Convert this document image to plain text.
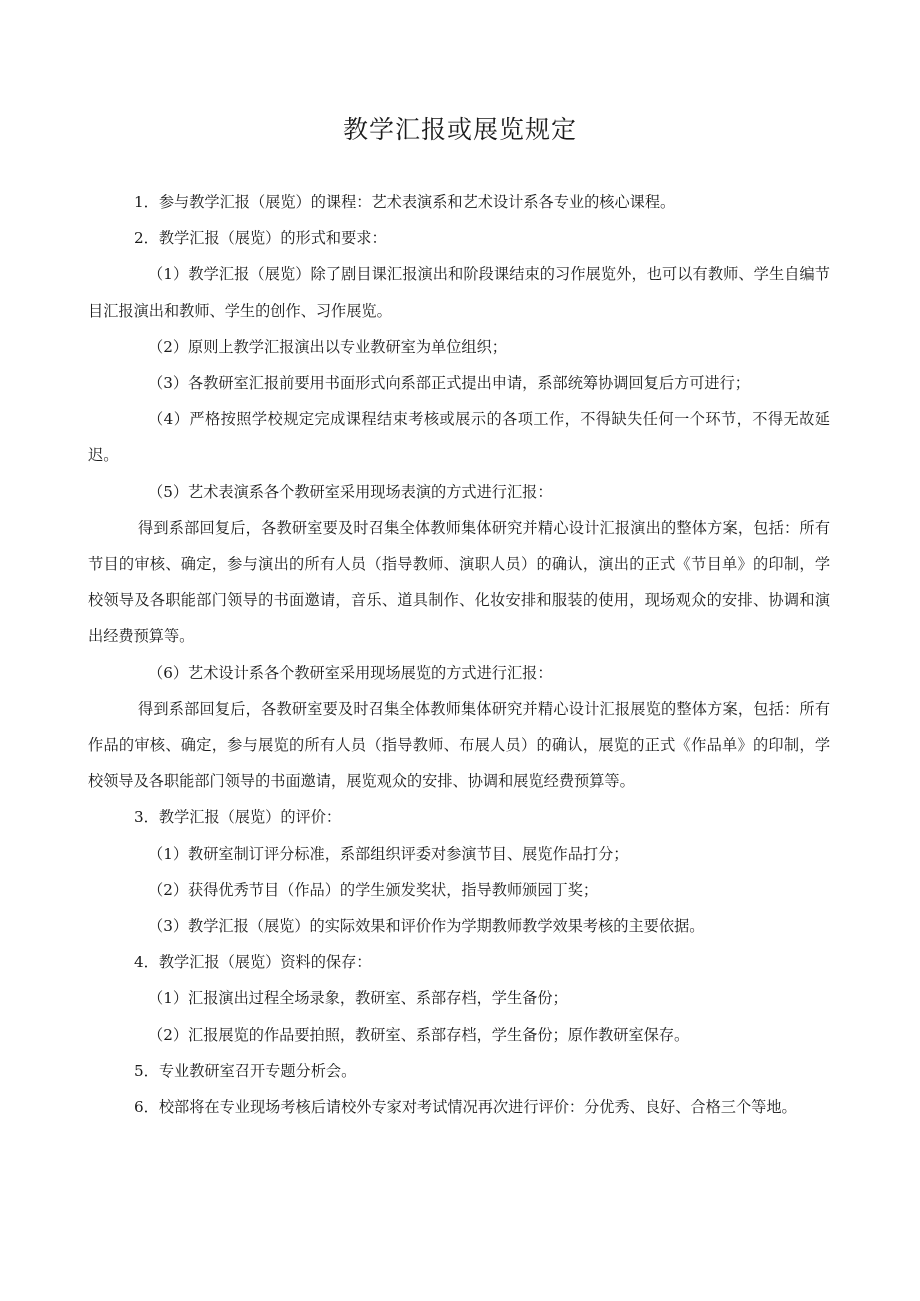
教学汇报或展览规定

1．参与教学汇报（展览）的课程：艺术表演系和艺术设计系各专业的核心课程。

2．教学汇报（展览）的形式和要求：

（1）教学汇报（展览）除了剧目课汇报演出和阶段课结束的习作展览外，也可以有教师、学生自编节目汇报演出和教师、学生的创作、习作展览。

（2）原则上教学汇报演出以专业教研室为单位组织；

（3）各教研室汇报前要用书面形式向系部正式提出申请，系部统筹协调回复后方可进行；

（4）严格按照学校规定完成课程结束考核或展示的各项工作，不得缺失任何一个环节，不得无故延迟。

（5）艺术表演系各个教研室采用现场表演的方式进行汇报：

得到系部回复后，各教研室要及时召集全体教师集体研究并精心设计汇报演出的整体方案，包括：所有节目的审核、确定，参与演出的所有人员（指导教师、演职人员）的确认，演出的正式《节目单》的印制，学校领导及各职能部门领导的书面邀请，音乐、道具制作、化妆安排和服装的使用，现场观众的安排、协调和演出经费预算等。

（6）艺术设计系各个教研室采用现场展览的方式进行汇报：

得到系部回复后，各教研室要及时召集全体教师集体研究并精心设计汇报展览的整体方案，包括：所有作品的审核、确定，参与展览的所有人员（指导教师、布展人员）的确认，展览的正式《作品单》的印制，学校领导及各职能部门领导的书面邀请，展览观众的安排、协调和展览经费预算等。

3．教学汇报（展览）的评价：

（1）教研室制订评分标准，系部组织评委对参演节目、展览作品打分；

（2）获得优秀节目（作品）的学生颁发奖状，指导教师颁园丁奖；

（3）教学汇报（展览）的实际效果和评价作为学期教师教学效果考核的主要依据。

4．教学汇报（展览）资料的保存：

（1）汇报演出过程全场录象，教研室、系部存档，学生备份；

（2）汇报展览的作品要拍照，教研室、系部存档，学生备份；原作教研室保存。

5．专业教研室召开专题分析会。

6．校部将在专业现场考核后请校外专家对考试情况再次进行评价：分优秀、良好、合格三个等地。
